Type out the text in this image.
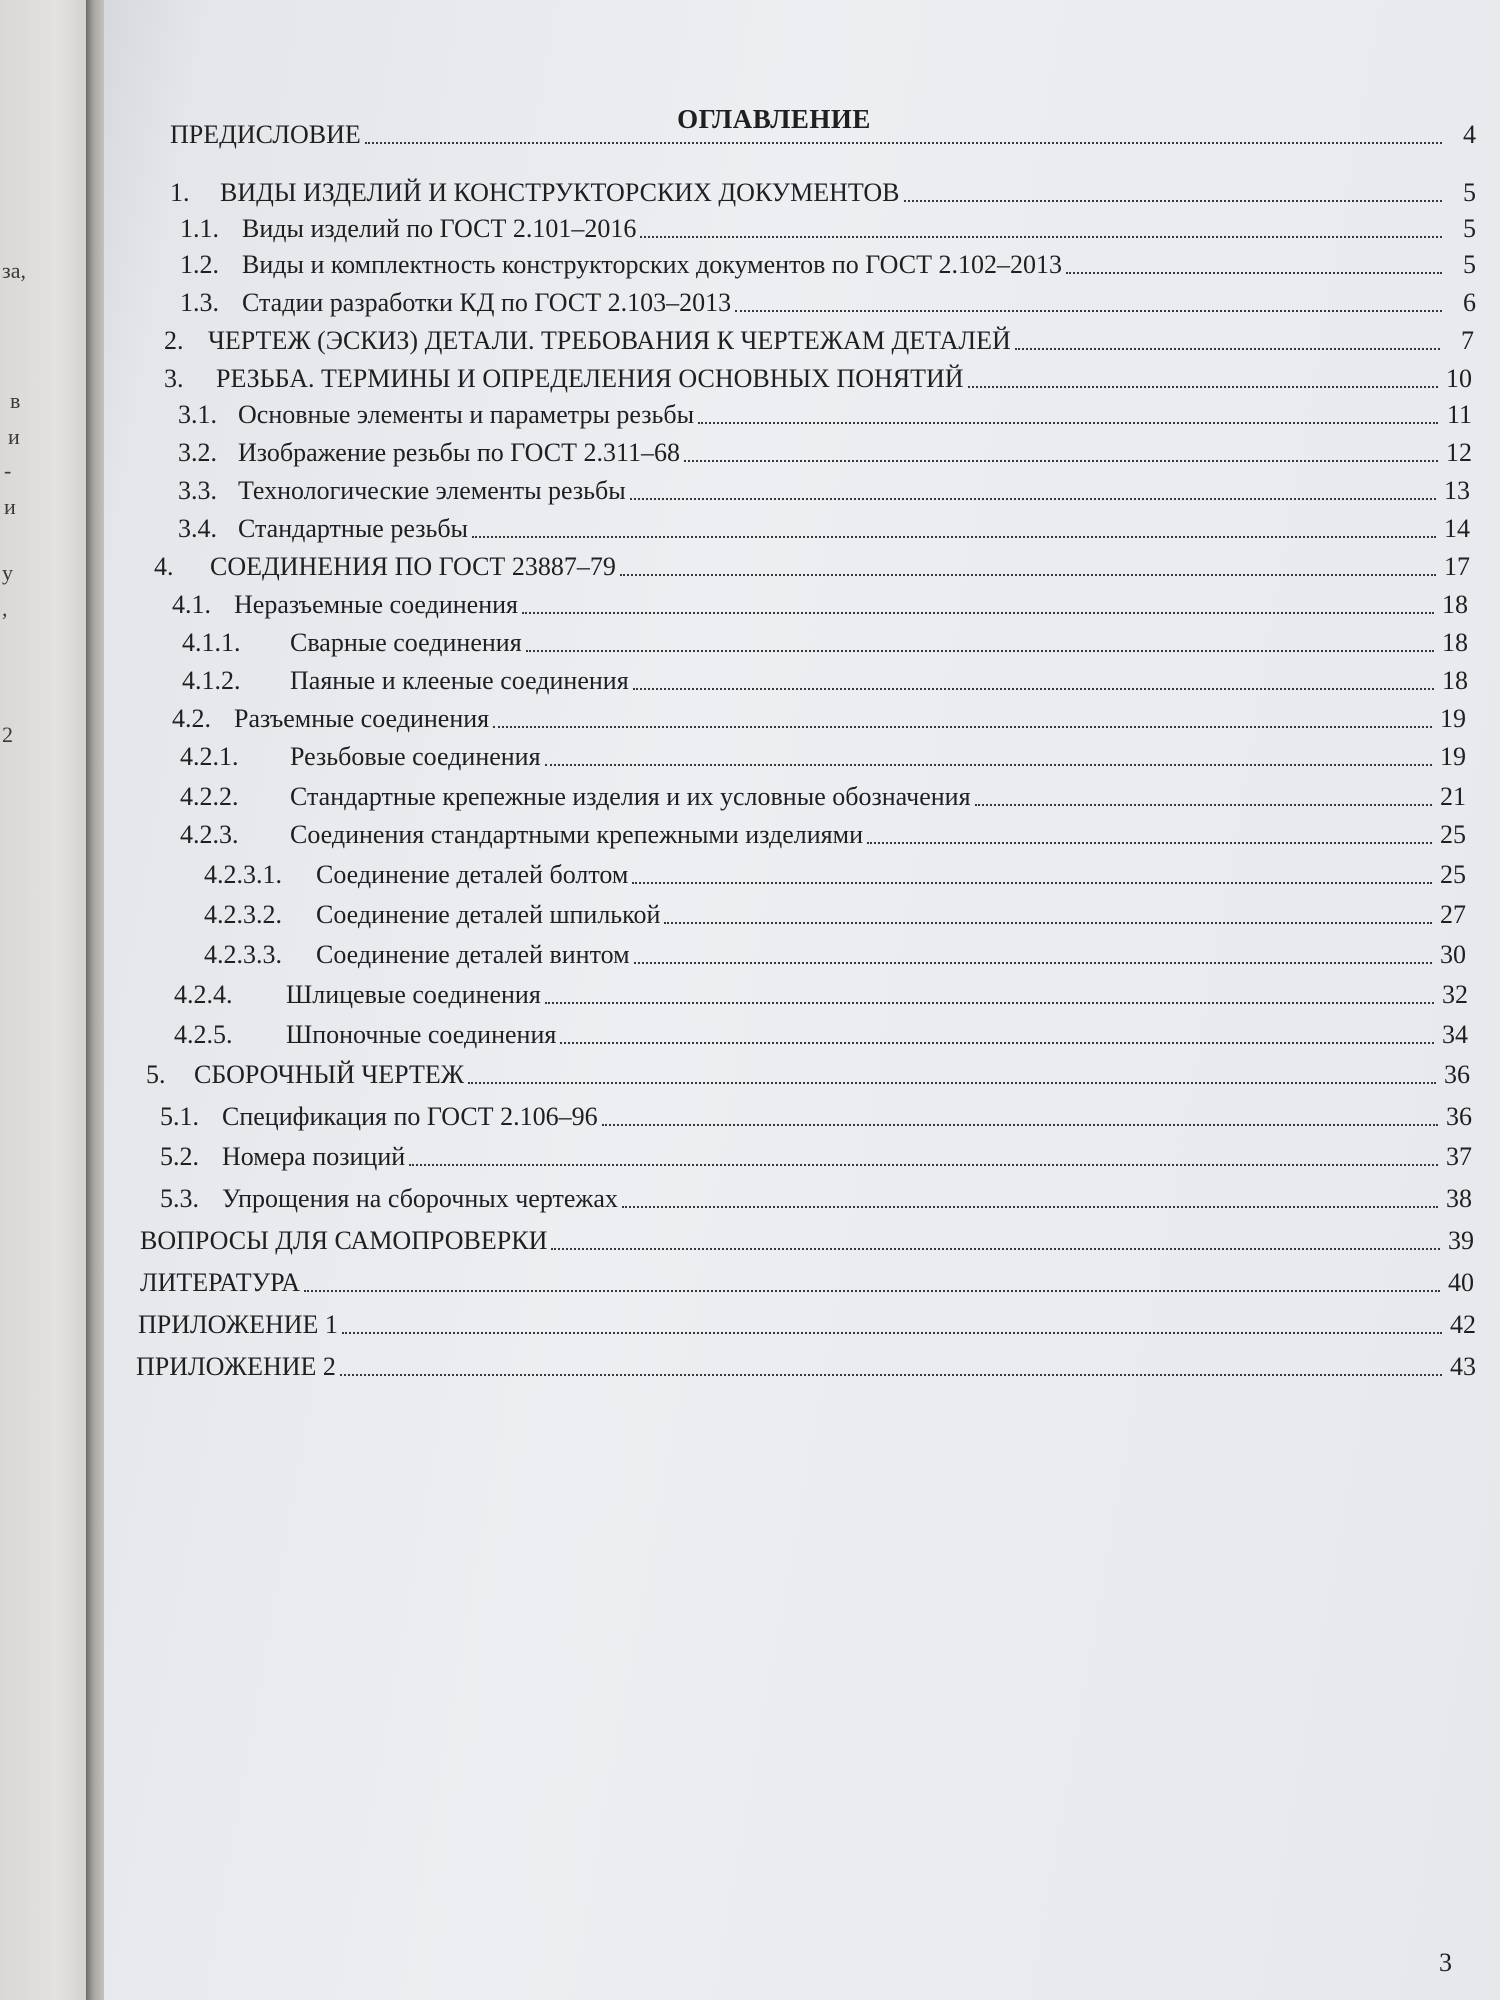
за,
в
и
-
и
у
,
2
ОГЛАВЛЕНИЕ
ПРЕДИСЛОВИЕ	4
1.	ВИДЫ ИЗДЕЛИЙ И КОНСТРУКТОРСКИХ ДОКУМЕНТОВ	5
1.1. Виды изделий по ГОСТ 2.101–2016	5
1.2. Виды и комплектность конструкторских документов по ГОСТ 2.102–2013	5
1.3. Стадии разработки КД по ГОСТ 2.103–2013	6
2. ЧЕРТЕЖ (ЭСКИЗ) ДЕТАЛИ. ТРЕБОВАНИЯ К ЧЕРТЕЖАМ ДЕТАЛЕЙ	7
3.	РЕЗЬБА. ТЕРМИНЫ И ОПРЕДЕЛЕНИЯ ОСНОВНЫХ ПОНЯТИЙ	10
3.1. Основные элементы и параметры резьбы	11
3.2. Изображение резьбы по ГОСТ 2.311–68	12
3.3. Технологические элементы резьбы	13
3.4. Стандартные резьбы	14
4.	СОЕДИНЕНИЯ ПО ГОСТ 23887–79	17
4.1. Неразъемные соединения	18
4.1.1.	Сварные соединения	18
4.1.2.	Паяные и клееные соединения	18
4.2. Разъемные соединения	19
4.2.1.	Резьбовые соединения	19
4.2.2.	Стандартные крепежные изделия и их условные обозначения	21
4.2.3.	Соединения стандартными крепежными изделиями	25
4.2.3.1.	Соединение деталей болтом	25
4.2.3.2.	Соединение деталей шпилькой	27
4.2.3.3.	Соединение деталей винтом	30
4.2.4.	Шлицевые соединения	32
4.2.5.	Шпоночные соединения	34
5.	СБОРОЧНЫЙ ЧЕРТЕЖ	36
5.1. Спецификация по ГОСТ 2.106–96	36
5.2. Номера позиций	37
5.3. Упрощения на сборочных чертежах	38
ВОПРОСЫ ДЛЯ САМОПРОВЕРКИ	39
ЛИТЕРАТУРА	40
ПРИЛОЖЕНИЕ 1	42
ПРИЛОЖЕНИЕ 2	43
3
